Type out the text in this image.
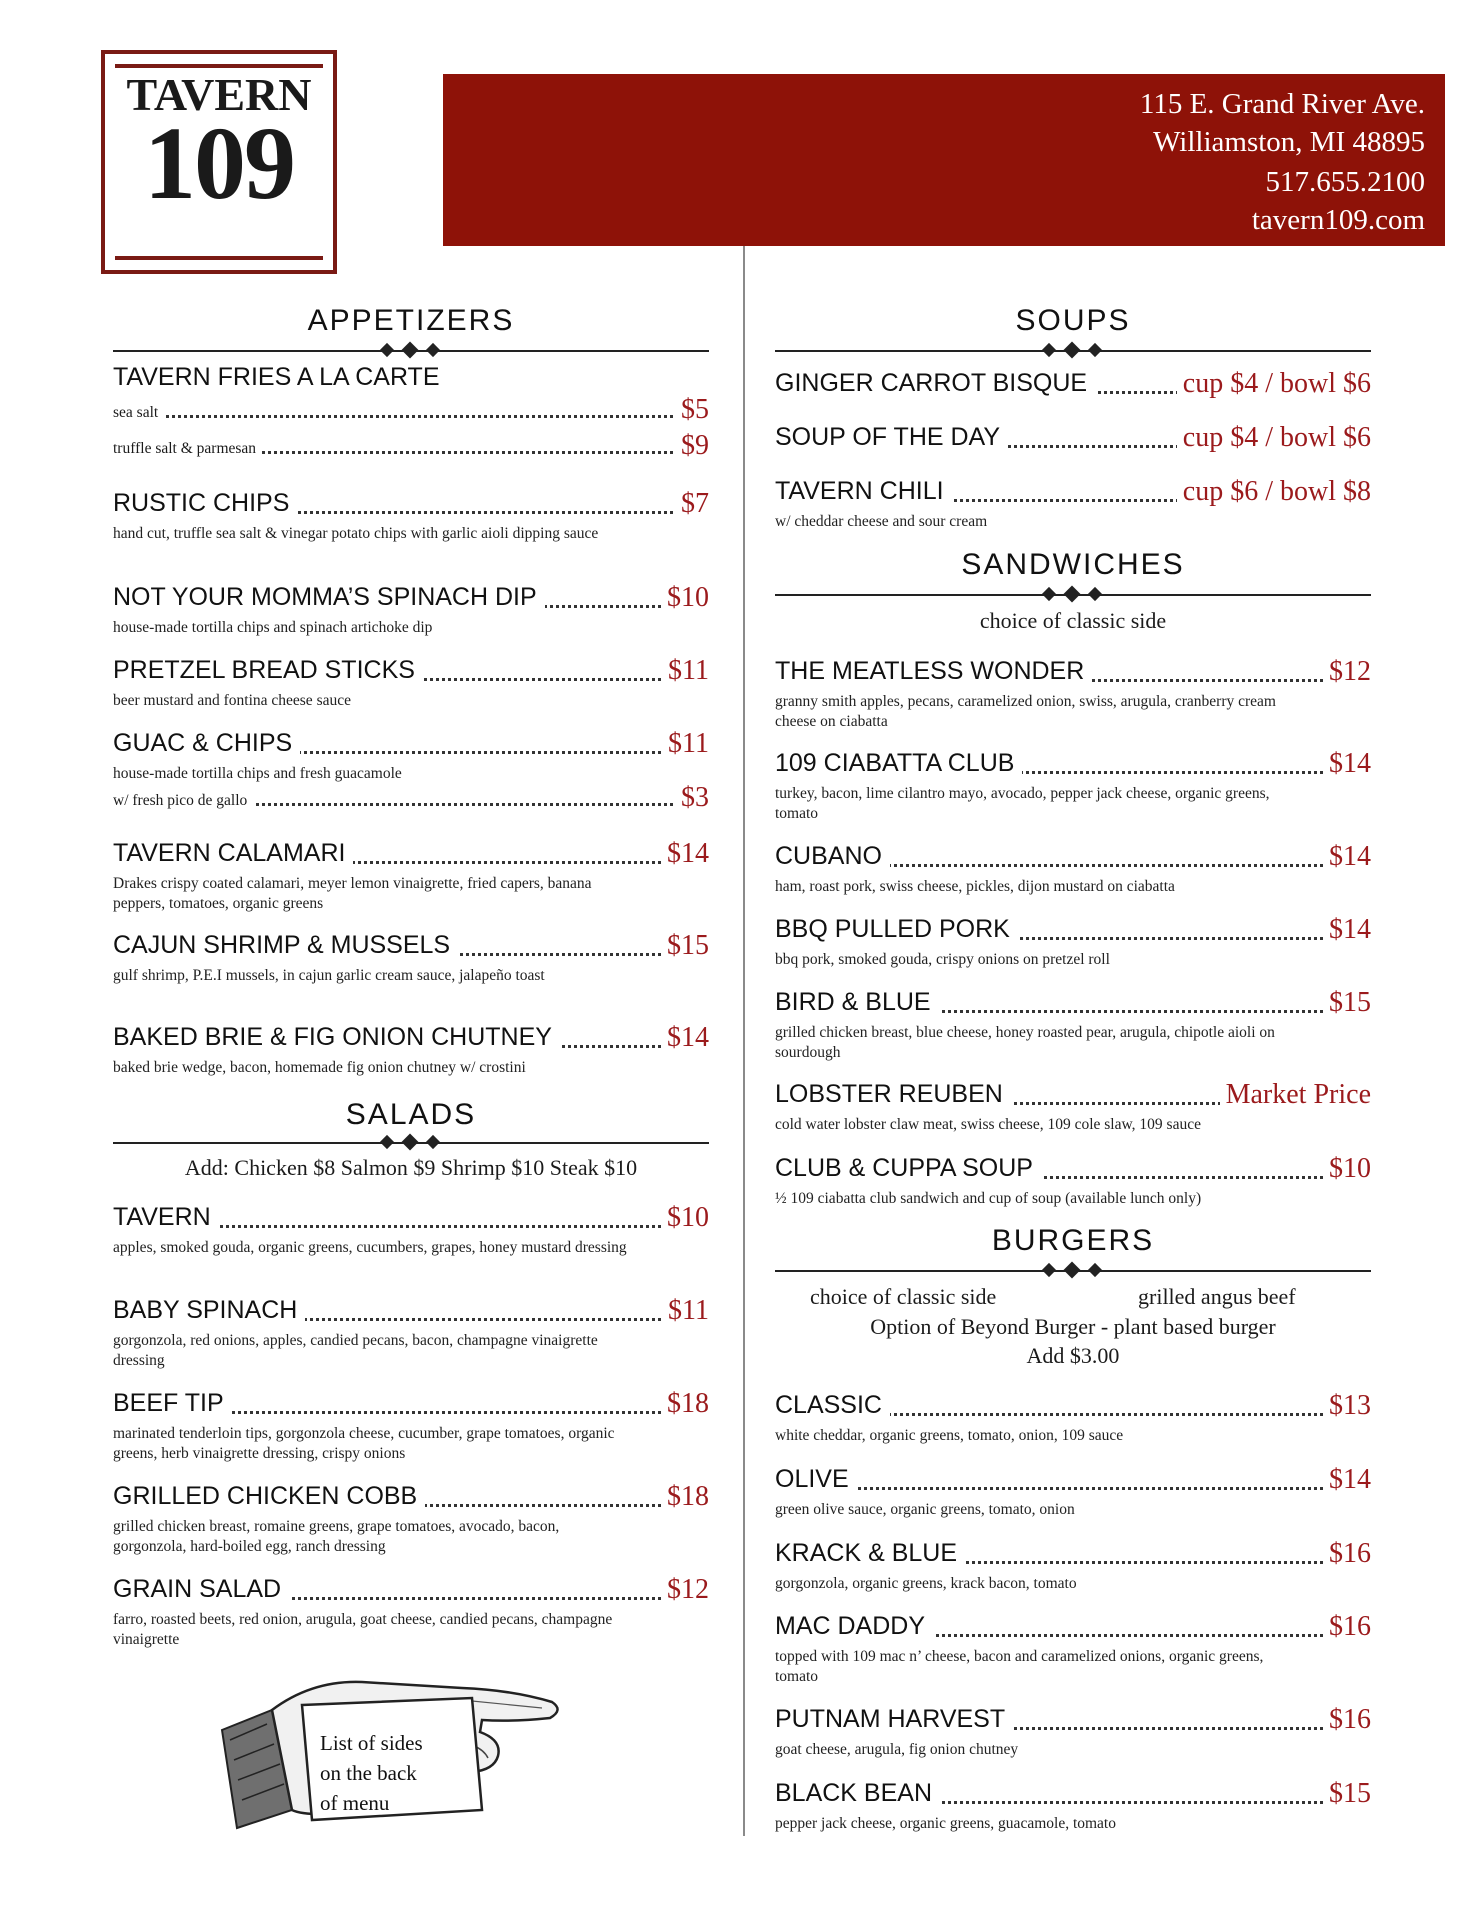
TAVERN
109
115 E. Grand River Ave.
Williamston, MI 48895
517.655.2100
tavern109.com
APPETIZERS
TAVERN FRIES A LA CARTE
sea salt	$5
truffle salt & parmesan	$9
RUSTIC CHIPS	$7
hand cut, truffle sea salt & vinegar potato chips with garlic aioli dipping sauce
NOT YOUR MOMMA’S SPINACH DIP	$10
house-made tortilla chips and spinach artichoke dip
PRETZEL BREAD STICKS	$11
beer mustard and fontina cheese sauce
GUAC & CHIPS	$11
house-made tortilla chips and fresh guacamole
w/ fresh pico de gallo	$3
TAVERN CALAMARI	$14
Drakes crispy coated calamari, meyer lemon vinaigrette, fried capers, banana peppers, tomatoes, organic greens
CAJUN SHRIMP & MUSSELS	$15
gulf shrimp, P.E.I mussels, in cajun garlic cream sauce, jalapeño toast
BAKED BRIE & FIG ONION CHUTNEY	$14
baked brie wedge, bacon, homemade fig onion chutney w/ crostini
SALADS
Add: Chicken $8 Salmon $9 Shrimp $10 Steak $10
TAVERN	$10
apples, smoked gouda, organic greens, cucumbers, grapes, honey mustard dressing
BABY SPINACH	$11
gorgonzola, red onions, apples, candied pecans, bacon, champagne vinaigrette dressing
BEEF TIP	$18
marinated tenderloin tips, gorgonzola cheese, cucumber, grape tomatoes, organic greens, herb vinaigrette dressing, crispy onions
GRILLED CHICKEN COBB	$18
grilled chicken breast, romaine greens, grape tomatoes, avocado, bacon, gorgonzola, hard-boiled egg, ranch dressing
GRAIN SALAD	$12
farro, roasted beets, red onion, arugula, goat cheese, candied pecans, champagne vinaigrette
List of sides
on the back
of menu
SOUPS
GINGER CARROT BISQUE	cup $4 / bowl $6
SOUP OF THE DAY	cup $4 / bowl $6
TAVERN CHILI	cup $6 / bowl $8
w/ cheddar cheese and sour cream
SANDWICHES
choice of classic side
THE MEATLESS WONDER	$12
granny smith apples, pecans, caramelized onion, swiss, arugula, cranberry cream cheese on ciabatta
109 CIABATTA CLUB	$14
turkey, bacon, lime cilantro mayo, avocado, pepper jack cheese, organic greens, tomato
CUBANO	$14
ham, roast pork, swiss cheese, pickles, dijon mustard on ciabatta
BBQ PULLED PORK	$14
bbq pork, smoked gouda, crispy onions on pretzel roll
BIRD & BLUE	$15
grilled chicken breast, blue cheese, honey roasted pear, arugula, chipotle aioli on sourdough
LOBSTER REUBEN	Market Price
cold water lobster claw meat, swiss cheese, 109 cole slaw, 109 sauce
CLUB & CUPPA SOUP	$10
½ 109 ciabatta club sandwich and cup of soup (available lunch only)
BURGERS
choice of classic side	grilled angus beef
Option of Beyond Burger - plant based burger
Add $3.00
CLASSIC	$13
white cheddar, organic greens, tomato, onion, 109 sauce
OLIVE	$14
green olive sauce, organic greens, tomato, onion
KRACK & BLUE	$16
gorgonzola, organic greens, krack bacon, tomato
MAC DADDY	$16
topped with 109 mac n’ cheese, bacon and caramelized onions, organic greens, tomato
PUTNAM HARVEST	$16
goat cheese, arugula, fig onion chutney
BLACK BEAN	$15
pepper jack cheese, organic greens, guacamole, tomato
